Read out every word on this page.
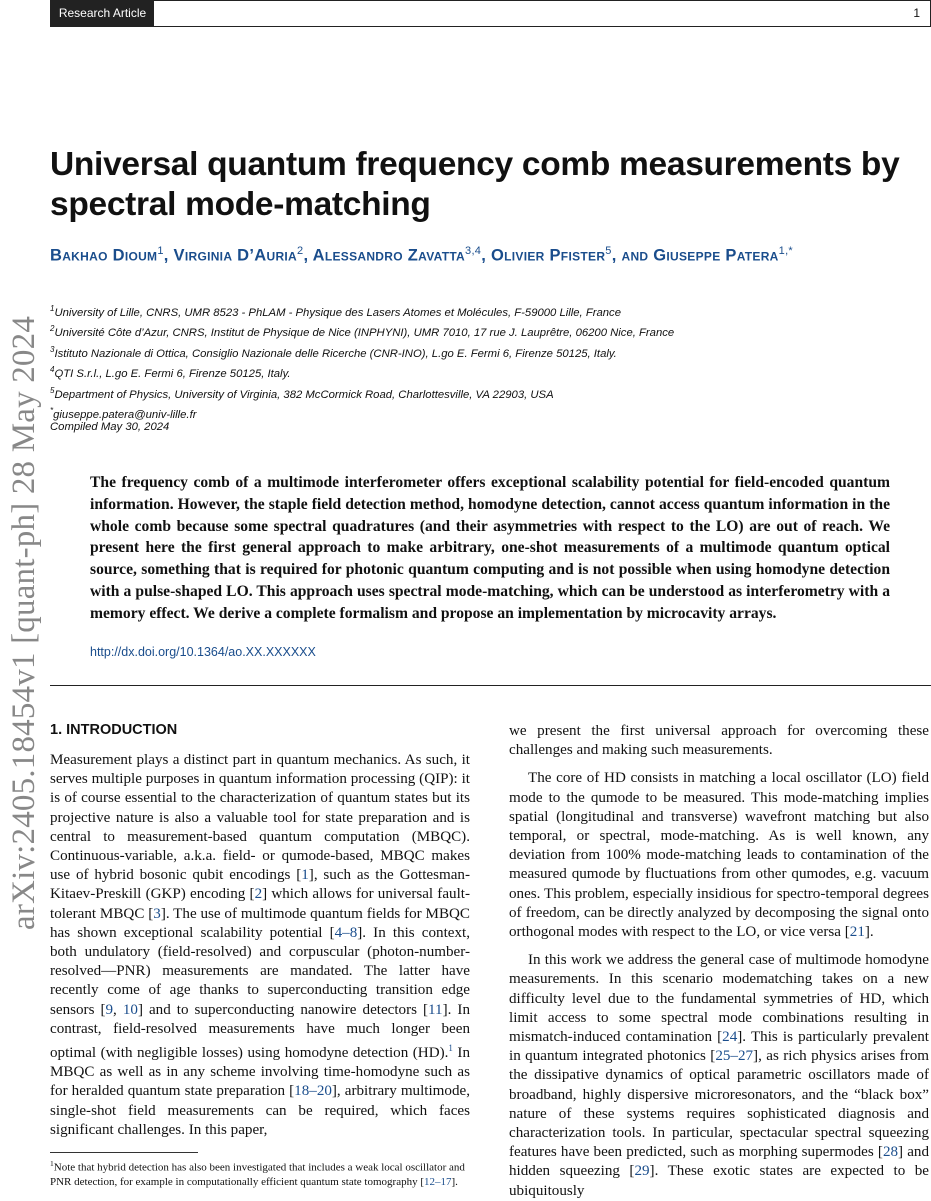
Research Article	1
arXiv:2405.18454v1 [quant-ph] 28 May 2024
Universal quantum frequency comb measurements by spectral mode-matching
Bakhao Dioum$^1$, Virginia D’Auria$^2$, Alessandro Zavatta$^{3,4}$, Olivier Pfister$^5$, and Giuseppe Patera$^{1,*}$
$^1$University of Lille, CNRS, UMR 8523 - PhLAM - Physique des Lasers Atomes et Molécules, F-59000 Lille, France
$^2$Université Côte d’Azur, CNRS, Institut de Physique de Nice (INPHYNI), UMR 7010, 17 rue J. Lauprêtre, 06200 Nice, France
$^3$Istituto Nazionale di Ottica, Consiglio Nazionale delle Ricerche (CNR-INO), L.go E. Fermi 6, Firenze 50125, Italy.
$^4$QTI S.r.l., L.go E. Fermi 6, Firenze 50125, Italy.
$^5$Department of Physics, University of Virginia, 382 McCormick Road, Charlottesville, VA 22903, USA
*giuseppe.patera@univ-lille.fr
Compiled May 30, 2024
The frequency comb of a multimode interferometer offers exceptional scalability potential for field-encoded quantum information. However, the staple field detection method, homodyne detection, cannot access quantum information in the whole comb because some spectral quadratures (and their asymmetries with respect to the LO) are out of reach. We present here the first general approach to make arbitrary, one-shot measurements of a multimode quantum optical source, something that is required for photonic quantum computing and is not possible when using homodyne detection with a pulse-shaped LO. This approach uses spectral mode-matching, which can be understood as interferometry with a memory effect. We derive a complete formalism and propose an implementation by microcavity arrays.
http://dx.doi.org/10.1364/ao.XX.XXXXXX
1. INTRODUCTION

Measurement plays a distinct part in quantum mechanics. As such, it serves multiple purposes in quantum information processing (QIP): it is of course essential to the characterization of quantum states but its projective nature is also a valuable tool for state preparation and is central to measurement-based quantum computation (MBQC). Continuous-variable, a.k.a. field- or qumode-based, MBQC makes use of hybrid bosonic qubit encodings [1], such as the Gottesman-Kitaev-Preskill (GKP) encoding [2] which allows for universal fault-tolerant MBQC [3]. The use of multimode quantum fields for MBQC has shown exceptional scalability potential [4–8]. In this context, both undulatory (field-resolved) and corpuscular (photon-number-resolved—PNR) measurements are mandated. The latter have recently come of age thanks to superconducting transition edge sensors [9, 10] and to superconducting nanowire detectors [11]. In contrast, field-resolved measurements have much longer been optimal (with negligible losses) using homodyne detection (HD).$^1$ In MBQC as well as in any scheme involving time-homodyne such as for heralded quantum state preparation [18–20], arbitrary multimode, single-shot field measurements can be required, which faces significant challenges. In this paper,

we present the first universal approach for overcoming these challenges and making such measurements.

The core of HD consists in matching a local oscillator (LO) field mode to the qumode to be measured. This mode-matching implies spatial (longitudinal and transverse) wavefront matching but also temporal, or spectral, mode-matching. As is well known, any deviation from 100% mode-matching leads to contamination of the measured qumode by fluctuations from other qumodes, e.g. vacuum ones. This problem, especially insidious for spectro-temporal degrees of freedom, can be directly analyzed by decomposing the signal onto orthogonal modes with respect to the LO, or vice versa [21].

In this work we address the general case of multimode homodyne measurements. In this scenario modematching takes on a new difficulty level due to the fundamental symmetries of HD, which limit access to some spectral mode combinations resulting in mismatch-induced contamination [24]. This is particularly prevalent in quantum integrated photonics [25–27], as rich physics arises from the dissipative dynamics of optical parametric oscillators made of broadband, highly dispersive microresonators, and the “black box” nature of these systems requires sophisticated diagnosis and characterization tools. In particular, spectacular spectral squeezing features have been predicted, such as morphing supermodes [28] and hidden squeezing [29]. These exotic states are expected to be ubiquitously

$^1$Note that hybrid detection has also been investigated that includes a weak local oscillator and PNR detection, for example in computationally efficient quantum state tomography [12–17].
